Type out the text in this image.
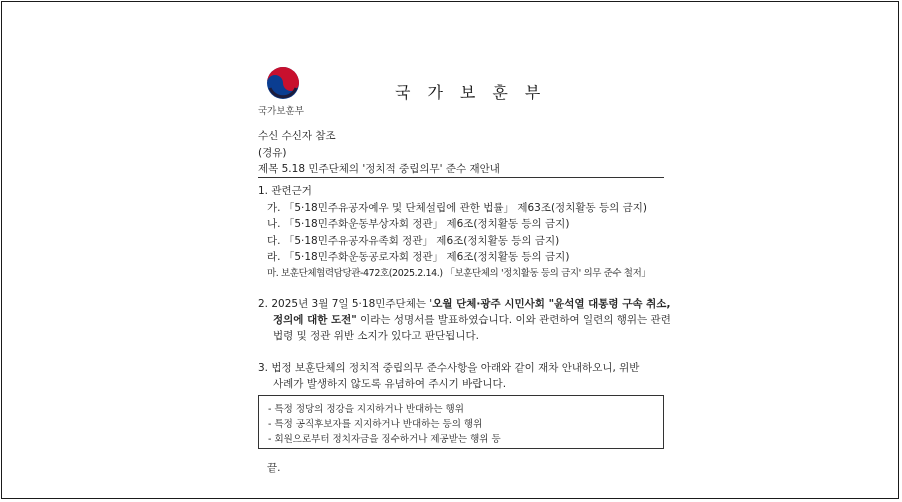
국가보훈부
국가보훈부
수신 수신자 참조
(경유)
제목 5.18 민주단체의 '정치적 중립의무' 준수 재안내
1. 관련근거
가. 「5·18민주유공자예우 및 단체설립에 관한 법률」 제63조(정치활동 등의 금지)
나. 「5·18민주화운동부상자회 정관」 제6조(정치활동 등의 금지)
다. 「5·18민주유공자유족회 정관」 제6조(정치활동 등의 금지)
라. 「5·18민주화운동공로자회 정관」 제6조(정치활동 등의 금지)
마. 보훈단체협력담당관-472호(2025.2.14.) 「보훈단체의 '정치활동 등의 금지' 의무 준수 철저」
2. 2025년 3월 7일 5·18민주단체는 '오월 단체·광주 시민사회 "윤석열 대통령 구속 취소,
정의에 대한 도전" 이라는 성명서를 발표하였습니다. 이와 관련하여 일련의 행위는 관련
법령 및 정관 위반 소지가 있다고 판단됩니다.
3. 법정 보훈단체의 정치적 중립의무 준수사항을 아래와 같이 재차 안내하오니, 위반
사례가 발생하지 않도록 유념하여 주시기 바랍니다.
- 특정 정당의 정강을 지지하거나 반대하는 행위
- 특정 공직후보자를 지지하거나 반대하는 등의 행위
- 회원으로부터 정치자금을 징수하거나 제공받는 행위 등
끝.
